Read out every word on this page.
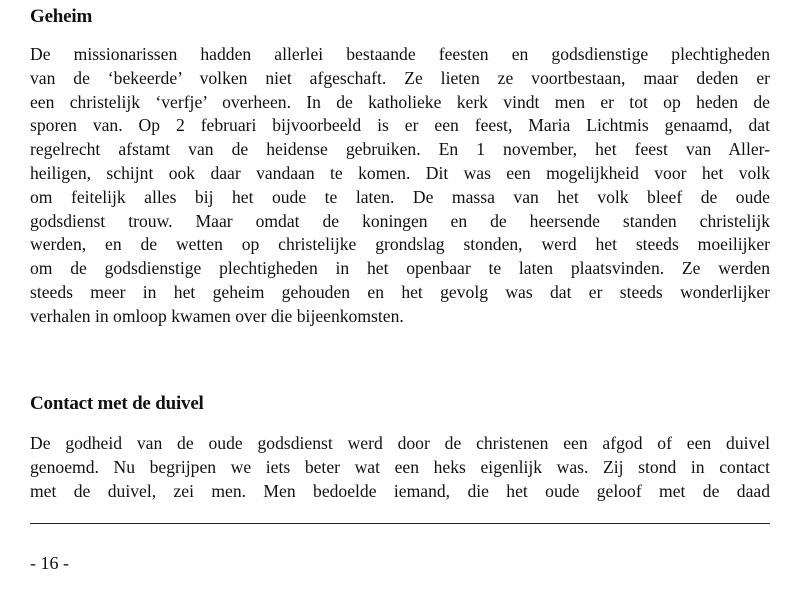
Geheim

De missionarissen hadden allerlei bestaande feesten en godsdienstige plechtigheden
van de ‘bekeerde’ volken niet afgeschaft. Ze lieten ze voortbestaan, maar deden er
een christelijk ‘verfje’ overheen. In de katholieke kerk vindt men er tot op heden de
sporen van. Op 2 februari bijvoorbeeld is er een feest, Maria Lichtmis genaamd, dat
regelrecht afstamt van de heidense gebruiken. En 1 november, het feest van Aller-
heiligen, schijnt ook daar vandaan te komen. Dit was een mogelijkheid voor het volk
om feitelijk alles bij het oude te laten. De massa van het volk bleef de oude
godsdienst trouw. Maar omdat de koningen en de heersende standen christelijk
werden, en de wetten op christelijke grondslag stonden, werd het steeds moeilijker
om de godsdienstige plechtigheden in het openbaar te laten plaatsvinden. Ze werden
steeds meer in het geheim gehouden en het gevolg was dat er steeds wonderlijker
verhalen in omloop kwamen over die bijeenkomsten.

Contact met de duivel

De godheid van de oude godsdienst werd door de christenen een afgod of een duivel
genoemd. Nu begrijpen we iets beter wat een heks eigenlijk was. Zij stond in contact
met de duivel, zei men. Men bedoelde iemand, die het oude geloof met de daad

- 16 -
